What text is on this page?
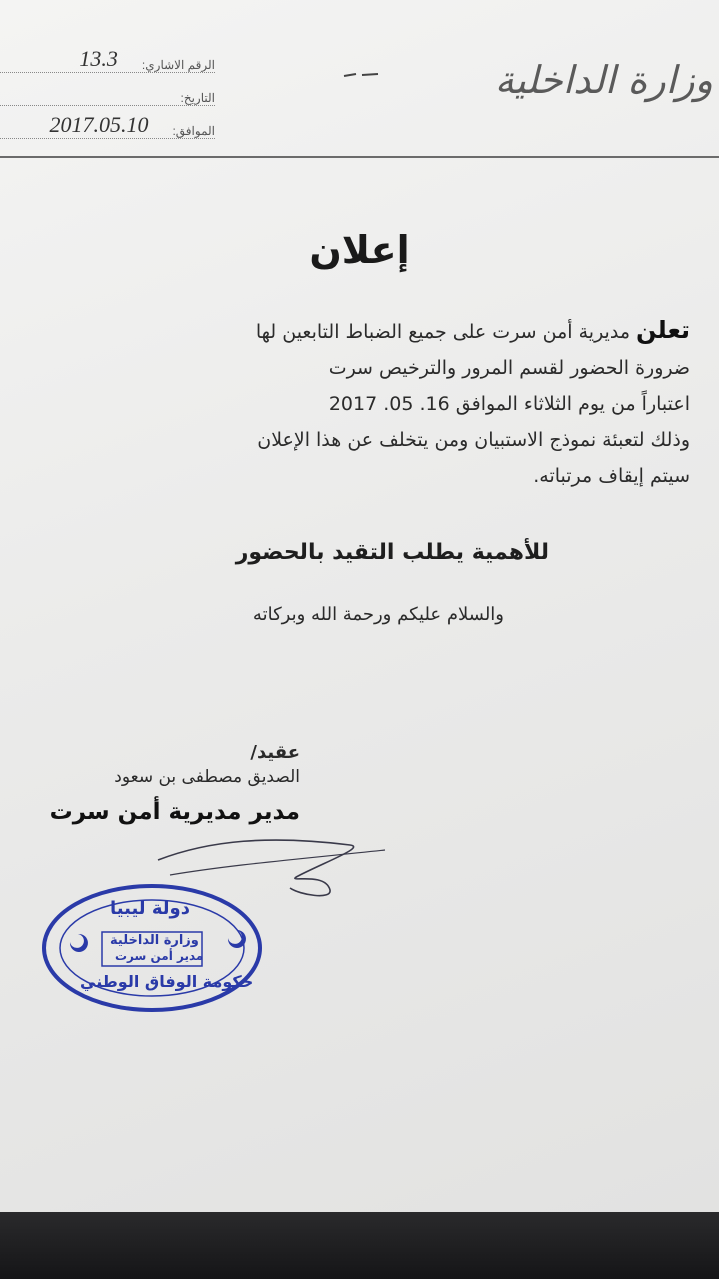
وزارة الداخلية
الرقم الاشاري:
13.3
التاريخ:
الموافق:
2017.05.10
إعلان

تعلن مديرية أمن سرت على جميع الضباط التابعين لها

ضرورة الحضور لقسم المرور والترخيص سرت

اعتباراً من يوم الثلاثاء الموافق 16. 05. 2017

وذلك لتعبئة نموذج الاستبيان ومن يتخلف عن هذا الإعلان

سيتم إيقاف مرتباته.

للأهمية يطلب التقيد بالحضور
والسلام عليكم ورحمة الله وبركاته
عقيد/
الصديق مصطفى بن سعود
مدير مديرية أمن سرت
دولة ليبيا
وزارة الداخلية
مدير أمن سرت
حكومة الوفاق الوطني
